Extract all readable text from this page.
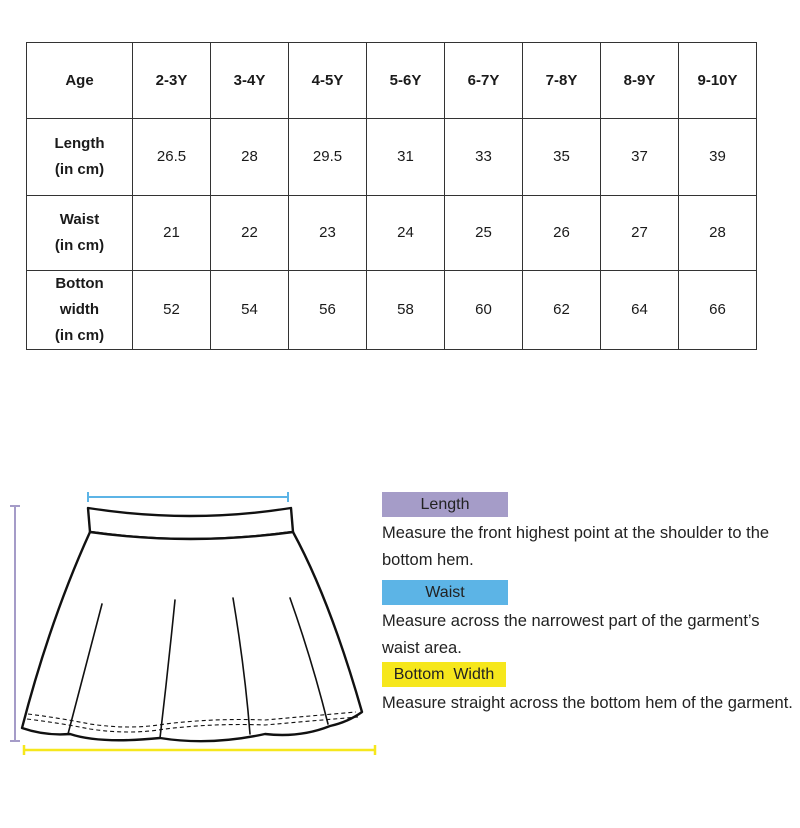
Age	2-3Y	3-4Y	4-5Y	5-6Y	6-7Y	7-8Y	8-9Y	9-10Y
Length
(in cm)	26.5	28	29.5	31	33	35	37	39
Waist
(in cm)	21	22	23	24	25	26	27	28
Botton
width
(in cm)	52	54	56	58	60	62	64	66
Length
Measure the front highest point at the shoulder to the bottom hem.
Waist
Measure across the narrowest part of the garment’s waist area.
Bottom  Width
Measure straight across the bottom hem of the garment.
